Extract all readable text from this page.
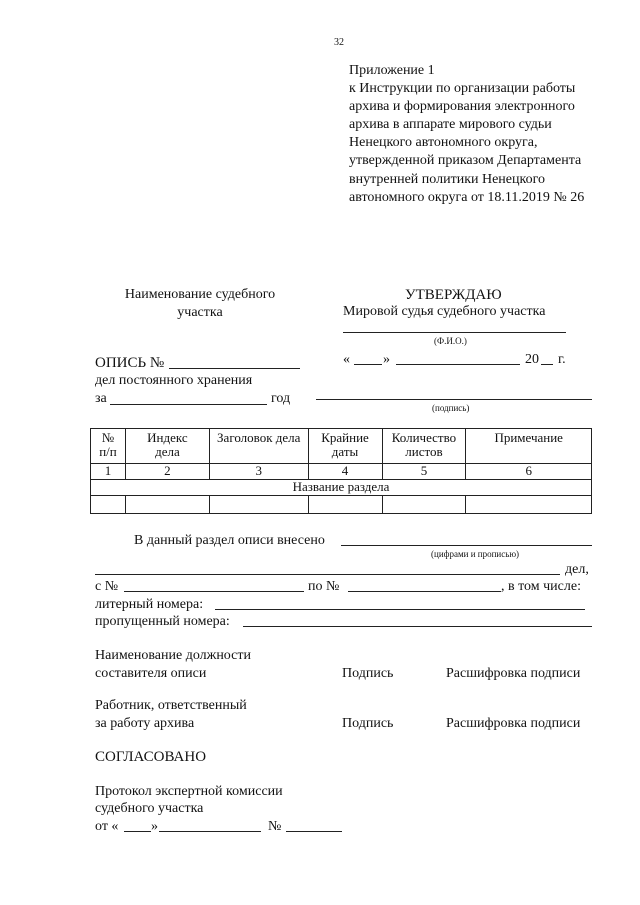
32
Приложение 1
к Инструкции по организации работы архива и формирования электронного архива в аппарате мирового судьи Ненецкого автономного округа, утвержденной приказом Департамента внутренней политики Ненецкого автономного округа от 18.11.2019 № 26
Наименование судебного
участка
УТВЕРЖДАЮ
Мировой судья судебного участка
(Ф.И.О.)
« »	20 г.
ОПИСЬ №
дел постоянного хранения
за	год
(подпись)
№ п/п	Индекс дела	Заголовок дела	Крайние даты	Количество листов	Примечание
1	2	3	4	5	6
Название раздела					

В данный раздел описи внесено
(цифрами и прописью)
дел,
с №	по №	, в том числе:
литерный номера:
пропущенный номера:
Наименование должности
составителя описи	Подпись	Расшифровка подписи
Работник, ответственный
за работу архива	Подпись	Расшифровка подписи
СОГЛАСОВАНО
Протокол экспертной комиссии
судебного участка
от « »	№
